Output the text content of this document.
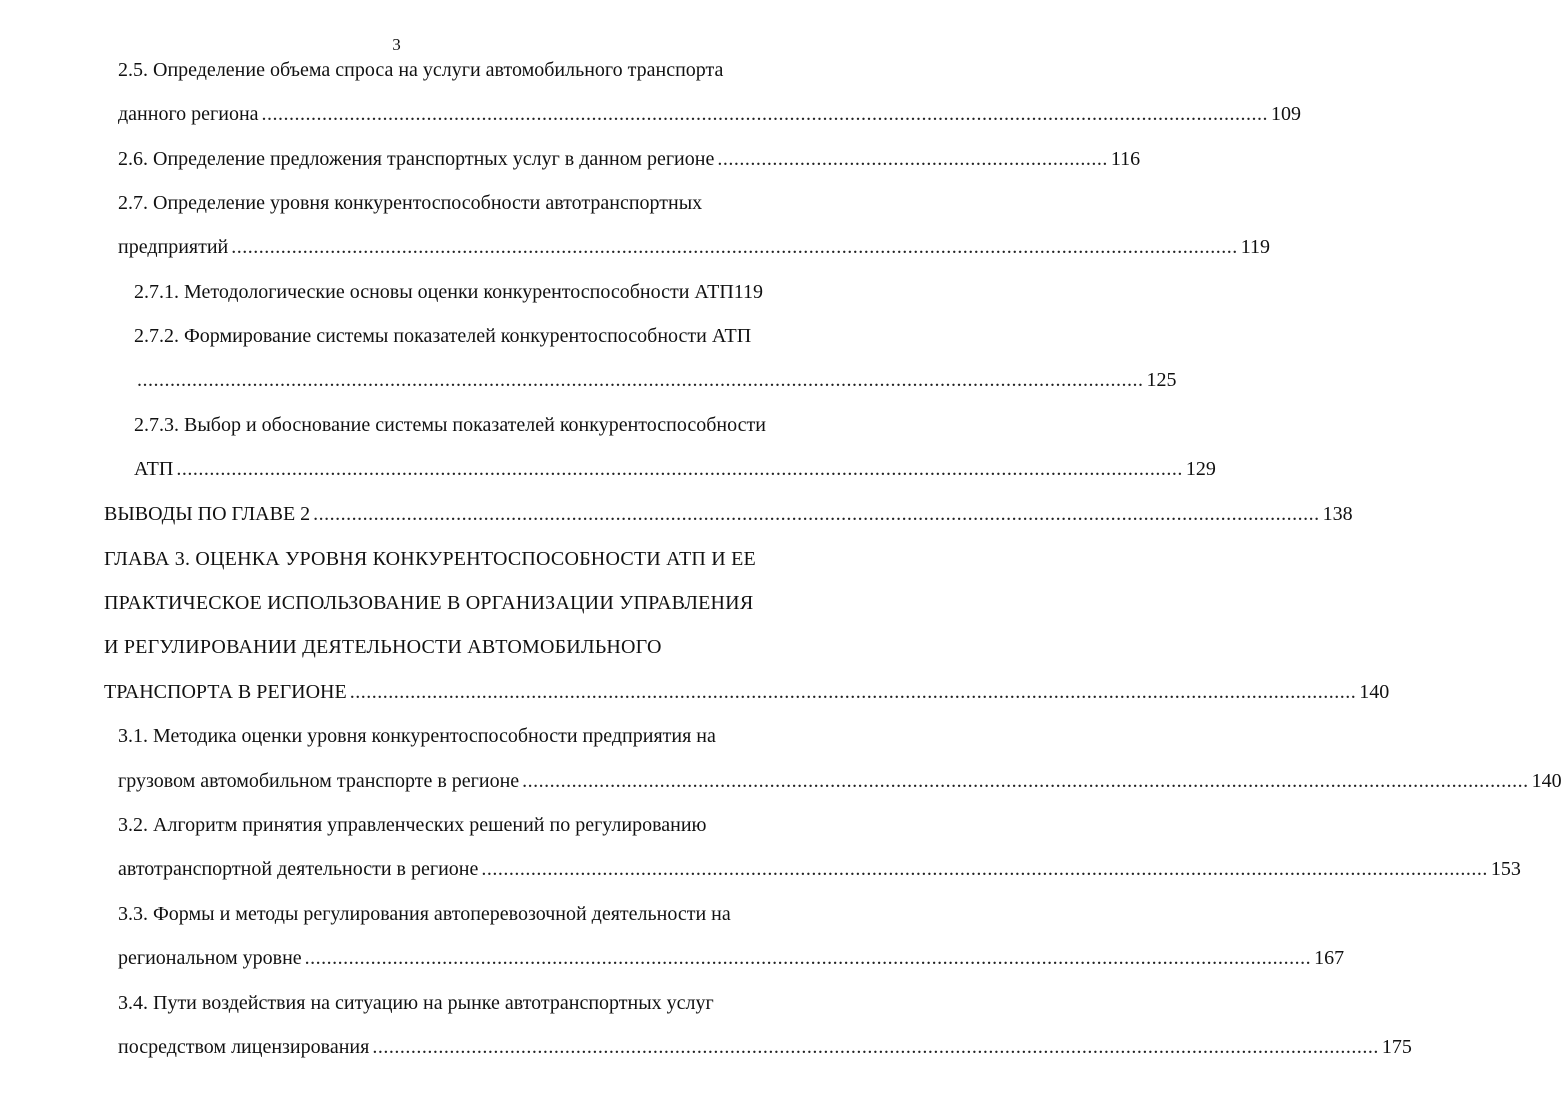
3
2.5. Определение объема спроса на услуги автомобильного транспорта
данного региона ....................................................................................................................................................................................... 109
2.6. Определение предложения транспортных услуг в данном регионе ....................................................................... 116
2.7. Определение уровня конкурентоспособности автотранспортных
предприятий ....................................................................................................................................................................................... 119
2.7.1. Методологические основы оценки конкурентоспособности АТП119
2.7.2. Формирование системы показателей конкурентоспособности АТП
....................................................................................................................................................................................... 125
2.7.3. Выбор и обоснование системы показателей конкурентоспособности
АТП ....................................................................................................................................................................................... 129
ВЫВОДЫ ПО ГЛАВЕ 2 ....................................................................................................................................................................................... 138
ГЛАВА 3. ОЦЕНКА УРОВНЯ КОНКУРЕНТОСПОСОБНОСТИ АТП И ЕЕ
ПРАКТИЧЕСКОЕ ИСПОЛЬЗОВАНИЕ В ОРГАНИЗАЦИИ УПРАВЛЕНИЯ
И РЕГУЛИРОВАНИИ ДЕЯТЕЛЬНОСТИ АВТОМОБИЛЬНОГО
ТРАНСПОРТА В РЕГИОНЕ ....................................................................................................................................................................................... 140
3.1. Методика оценки уровня конкурентоспособности предприятия на
грузовом автомобильном транспорте в регионе ....................................................................................................................................................................................... 140
3.2. Алгоритм принятия управленческих решений по регулированию
автотранспортной деятельности в регионе ....................................................................................................................................................................................... 153
3.3. Формы и методы регулирования автоперевозочной деятельности на
региональном уровне ....................................................................................................................................................................................... 167
3.4. Пути воздействия на ситуацию на рынке автотранспортных услуг
посредством лицензирования ....................................................................................................................................................................................... 175
